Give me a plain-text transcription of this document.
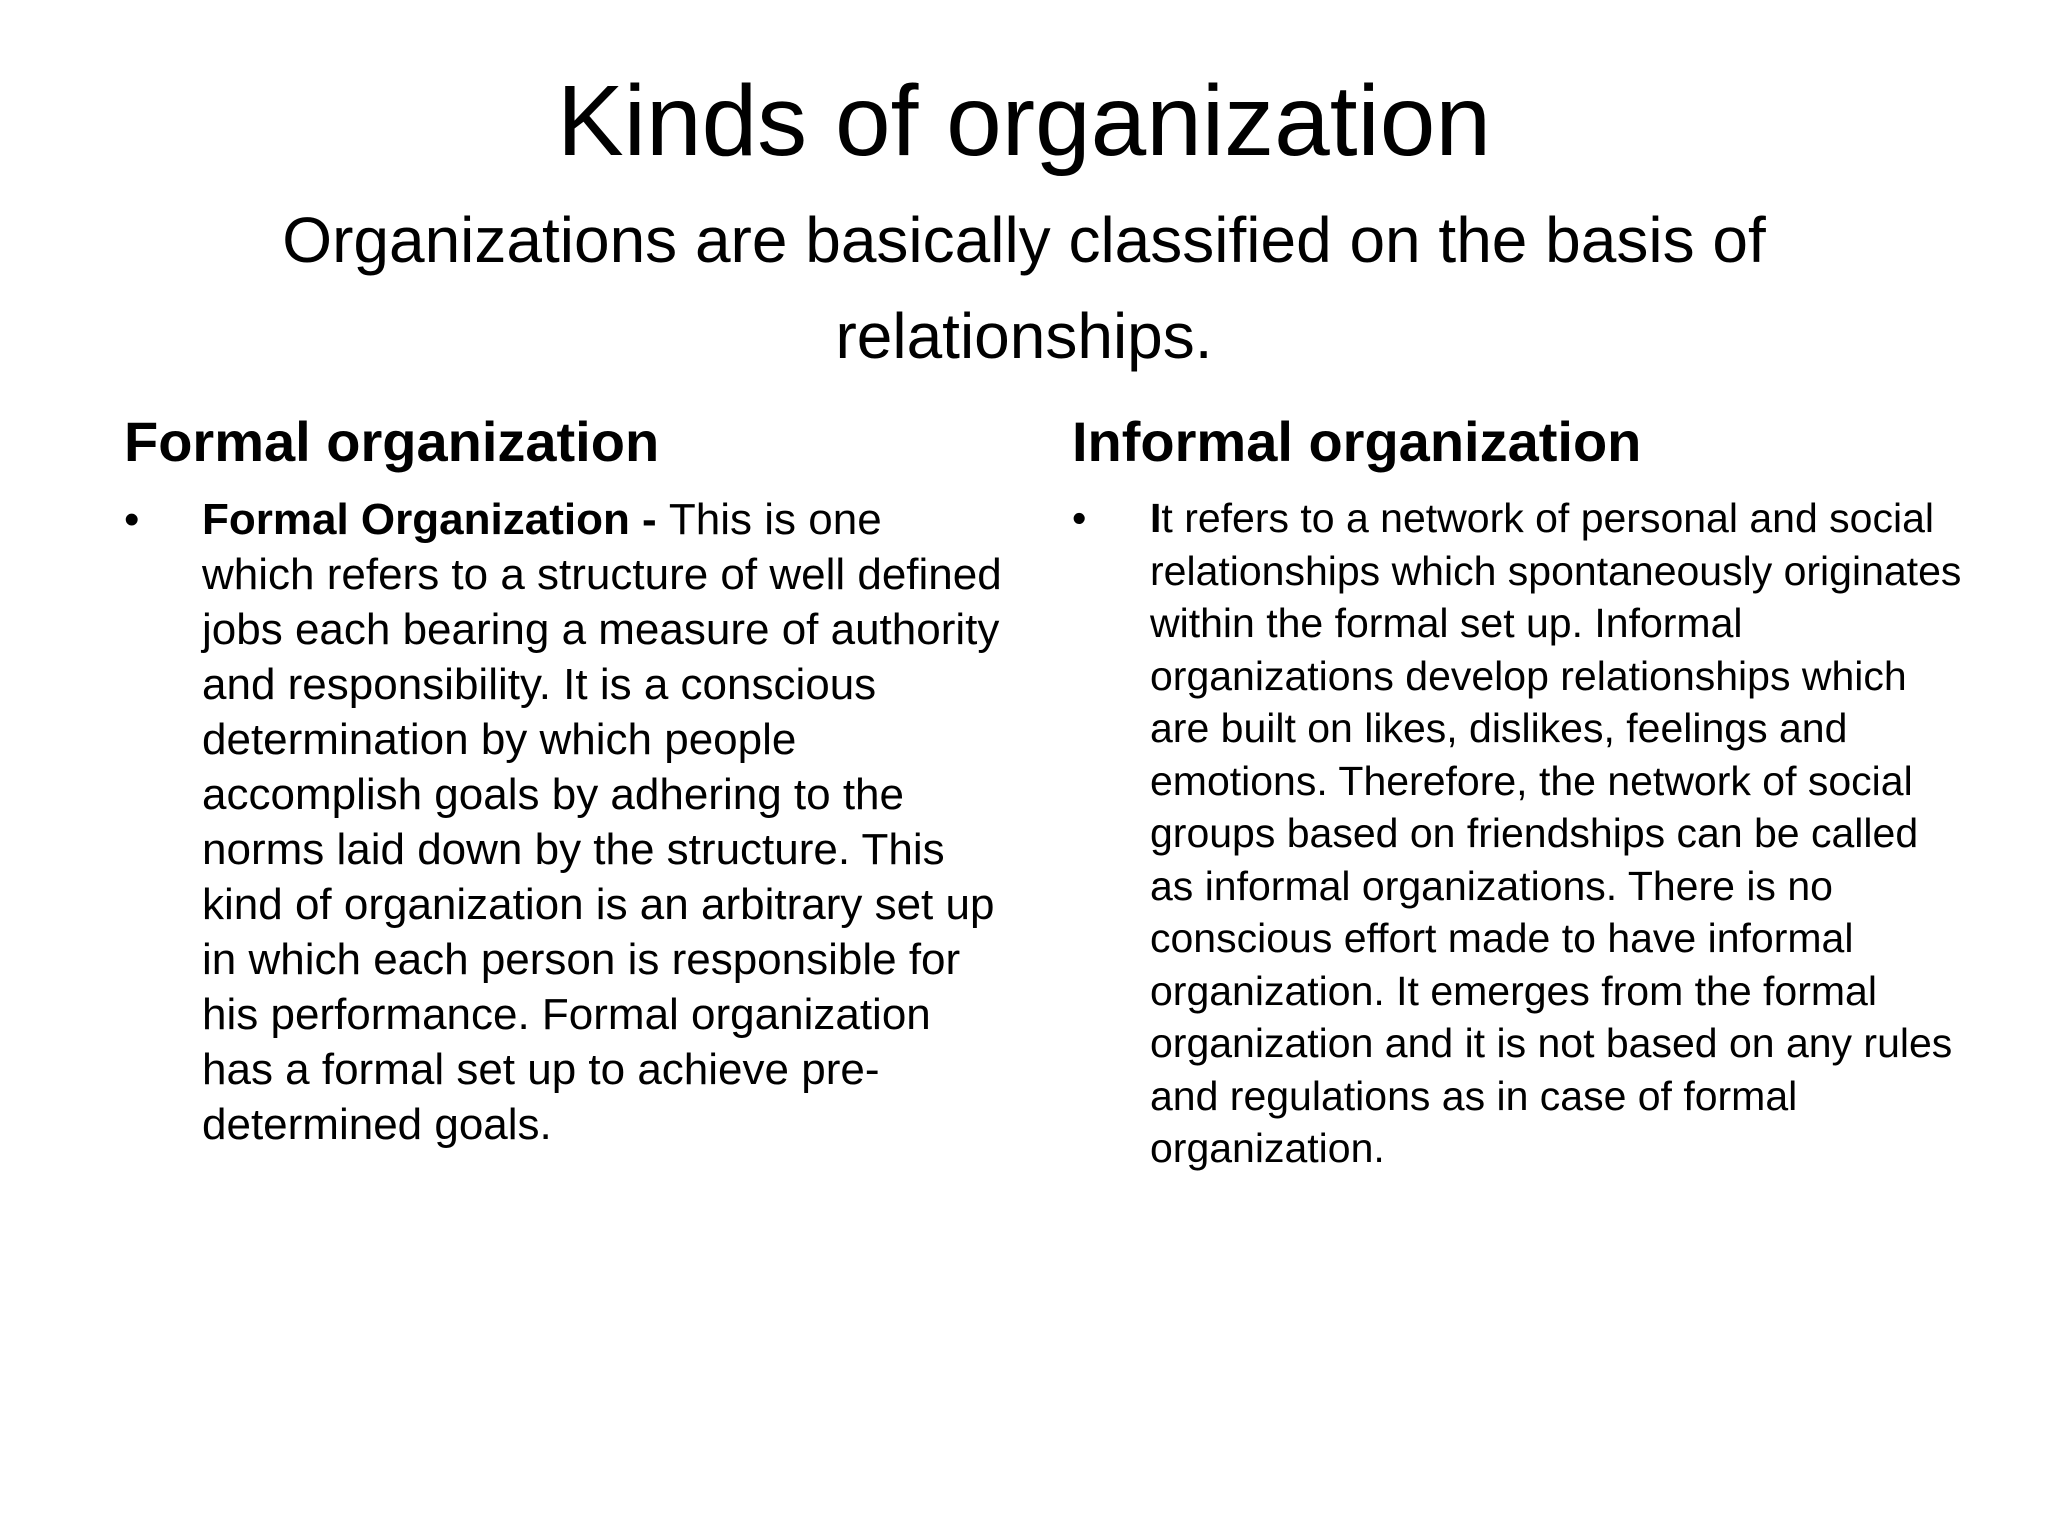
Kinds of organization
Organizations are basically classified on the basis of relationships.
Formal organization
• Formal Organization - This is one which refers to a structure of well defined jobs each bearing a measure of authority and responsibility. It is a conscious determination by which people accomplish goals by adhering to the norms laid down by the structure. This kind of organization is an arbitrary set up in which each person is responsible for his performance. Formal organization has a formal set up to achieve pre- determined goals.
Informal organization
• It refers to a network of personal and social relationships which spontaneously originates within the formal set up. Informal organizations develop relationships which are built on likes, dislikes, feelings and emotions. Therefore, the network of social groups based on friendships can be called as informal organizations. There is no conscious effort made to have informal organization. It emerges from the formal organization and it is not based on any rules and regulations as in case of formal organization.
